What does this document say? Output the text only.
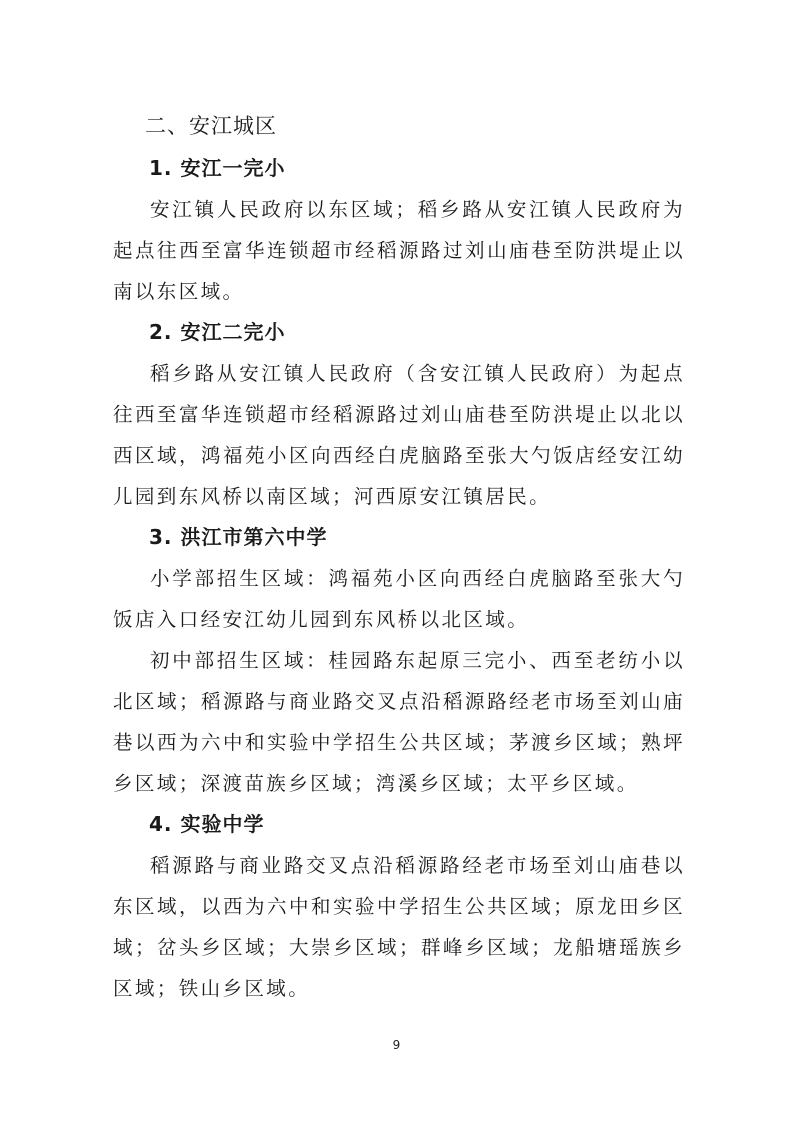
二、安江城区
1. 安江一完小

安江镇人民政府以东区域；稻乡路从安江镇人民政府为起点往西至富华连锁超市经稻源路过刘山庙巷至防洪堤止以南以东区域。

2. 安江二完小

稻乡路从安江镇人民政府（含安江镇人民政府）为起点往西至富华连锁超市经稻源路过刘山庙巷至防洪堤止以北以西区域，鸿福苑小区向西经白虎脑路至张大勺饭店经安江幼儿园到东风桥以南区域；河西原安江镇居民。

3. 洪江市第六中学

小学部招生区域：鸿福苑小区向西经白虎脑路至张大勺饭店入口经安江幼儿园到东风桥以北区域。

初中部招生区域：桂园路东起原三完小、西至老纺小以北区域；稻源路与商业路交叉点沿稻源路经老市场至刘山庙巷以西为六中和实验中学招生公共区域；茅渡乡区域；熟坪乡区域；深渡苗族乡区域；湾溪乡区域；太平乡区域。

4. 实验中学

稻源路与商业路交叉点沿稻源路经老市场至刘山庙巷以东区域，以西为六中和实验中学招生公共区域；原龙田乡区域；岔头乡区域；大崇乡区域；群峰乡区域；龙船塘瑶族乡区域；铁山乡区域。

9
